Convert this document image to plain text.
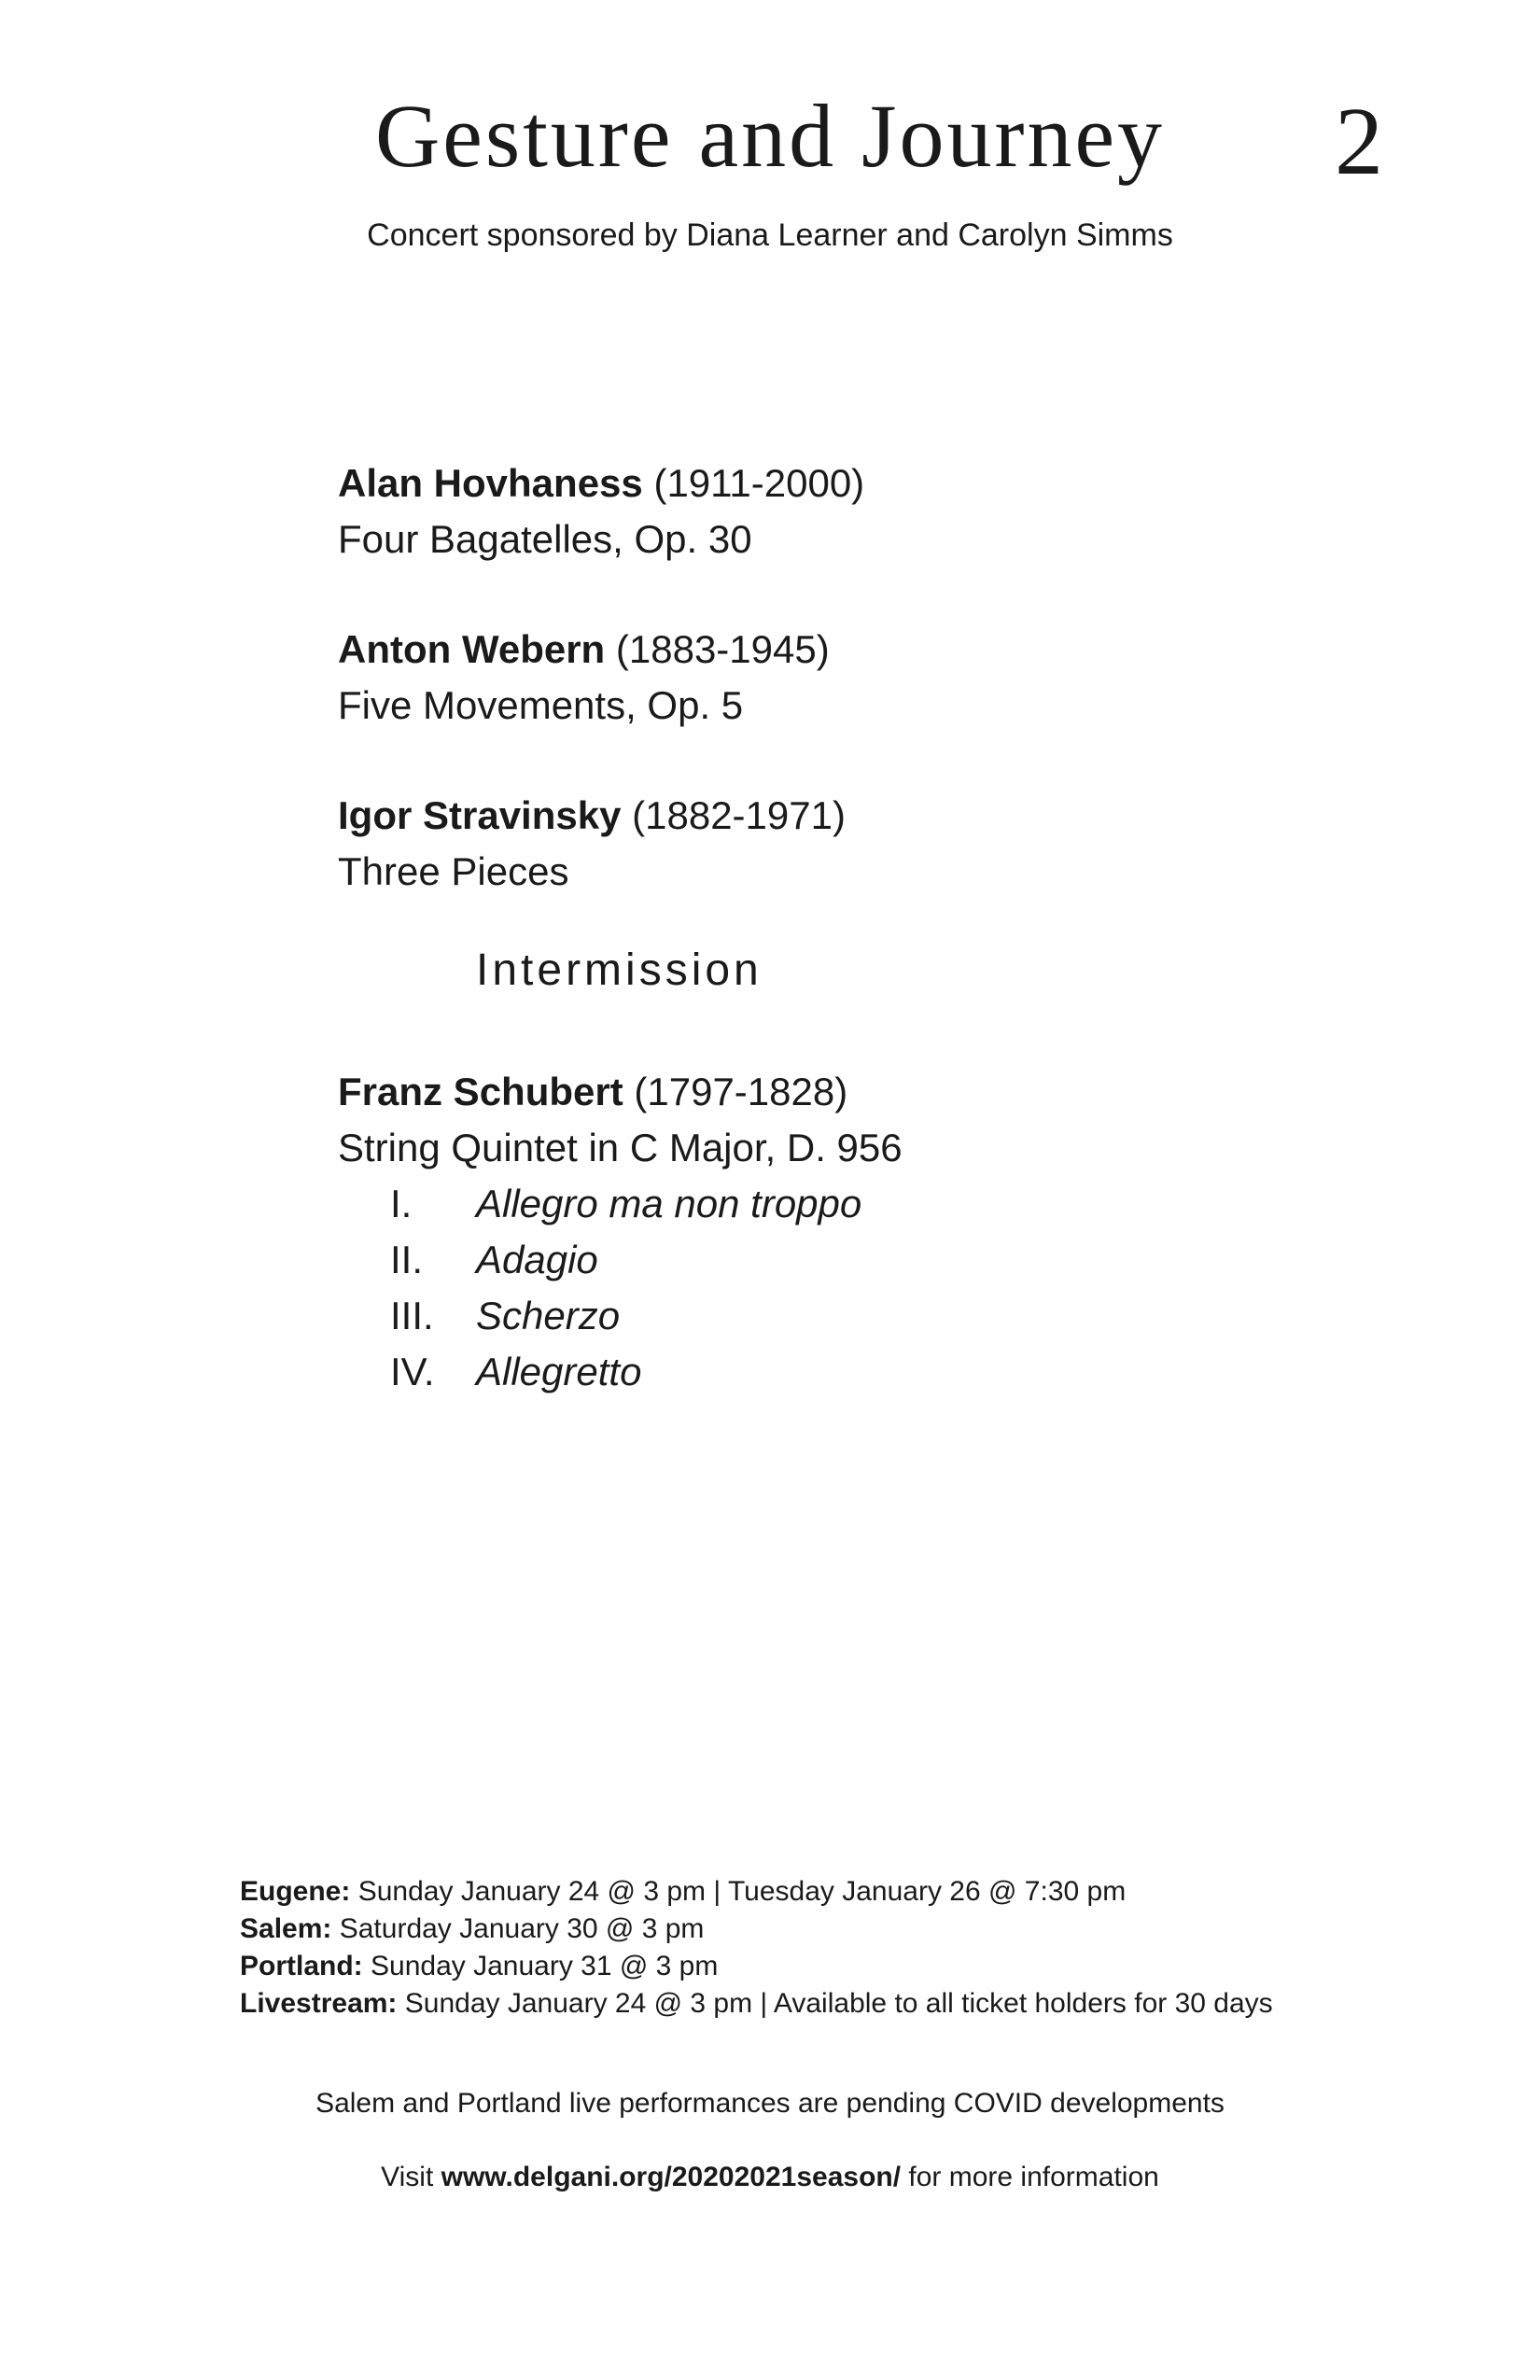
Gesture and Journey	2
Concert sponsored by Diana Learner and Carolyn Simms
Alan Hovhaness (1911-2000)
Four Bagatelles, Op. 30
Anton Webern (1883-1945)
Five Movements, Op. 5
Igor Stravinsky (1882-1971)
Three Pieces
Intermission
Franz Schubert (1797-1828)
String Quintet in C Major, D. 956
I.	Allegro ma non troppo
II.	Adagio
III.	Scherzo
IV.	Allegretto
Eugene: Sunday January 24 @ 3 pm | Tuesday January 26 @ 7:30 pm
Salem: Saturday January 30 @ 3 pm
Portland: Sunday January 31 @ 3 pm
Livestream: Sunday January 24 @ 3 pm | Available to all ticket holders for 30 days
Salem and Portland live performances are pending COVID developments
Visit www.delgani.org/20202021season/ for more information
